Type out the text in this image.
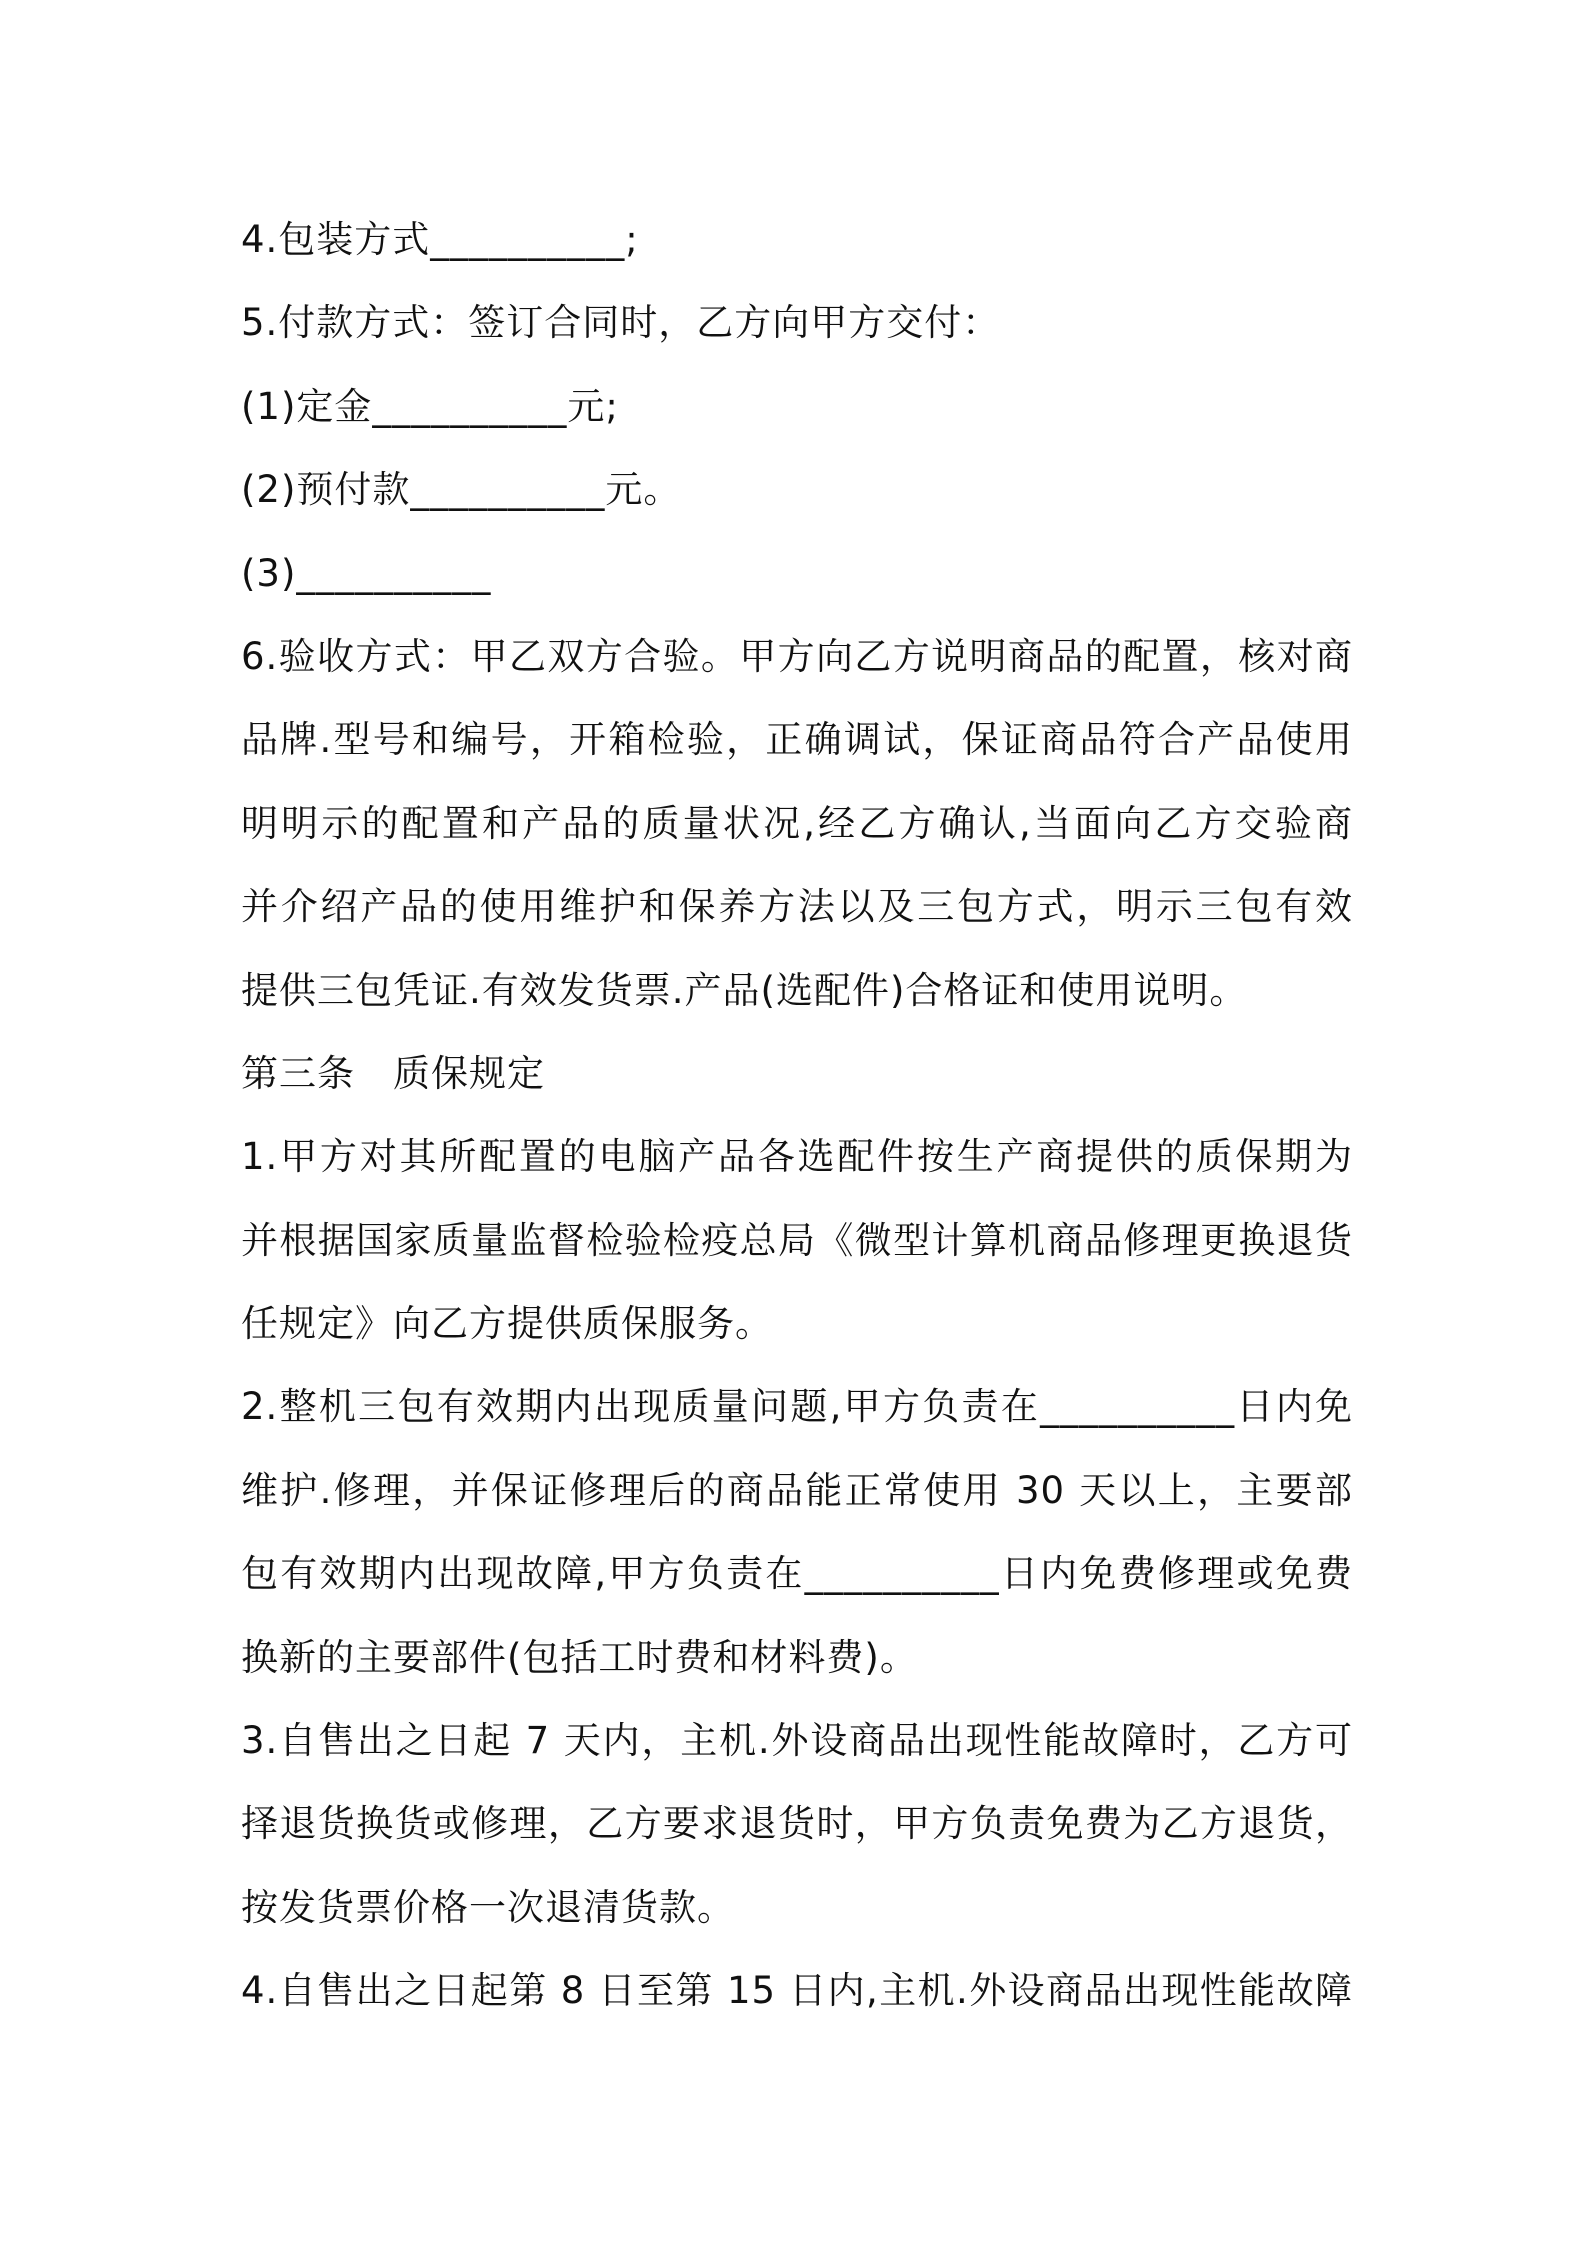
4.包装方式__________;
5.付款方式：签订合同时，乙方向甲方交付：
(1)定金__________元;
(2)预付款__________元。
(3)__________
6.验收方式：甲乙双方合验。甲方向乙方说明商品的配置，核对商
品牌.型号和编号，开箱检验，正确调试，保证商品符合产品使用
明明示的配置和产品的质量状况,经乙方确认,当面向乙方交验商
并介绍产品的使用维护和保养方法以及三包方式，明示三包有效
提供三包凭证.有效发货票.产品(选配件)合格证和使用说明。
第三条　质保规定
1.甲方对其所配置的电脑产品各选配件按生产商提供的质保期为
并根据国家质量监督检验检疫总局《微型计算机商品修理更换退货
任规定》向乙方提供质保服务。
2.整机三包有效期内出现质量问题,甲方负责在__________日内免
维护.修理，并保证修理后的商品能正常使用 30 天以上，主要部
包有效期内出现故障,甲方负责在__________日内免费修理或免费
换新的主要部件(包括工时费和材料费)。
3.自售出之日起 7 天内，主机.外设商品出现性能故障时，乙方可
择退货换货或修理，乙方要求退货时，甲方负责免费为乙方退货，
按发货票价格一次退清货款。
4.自售出之日起第 8 日至第 15 日内,主机.外设商品出现性能故障
